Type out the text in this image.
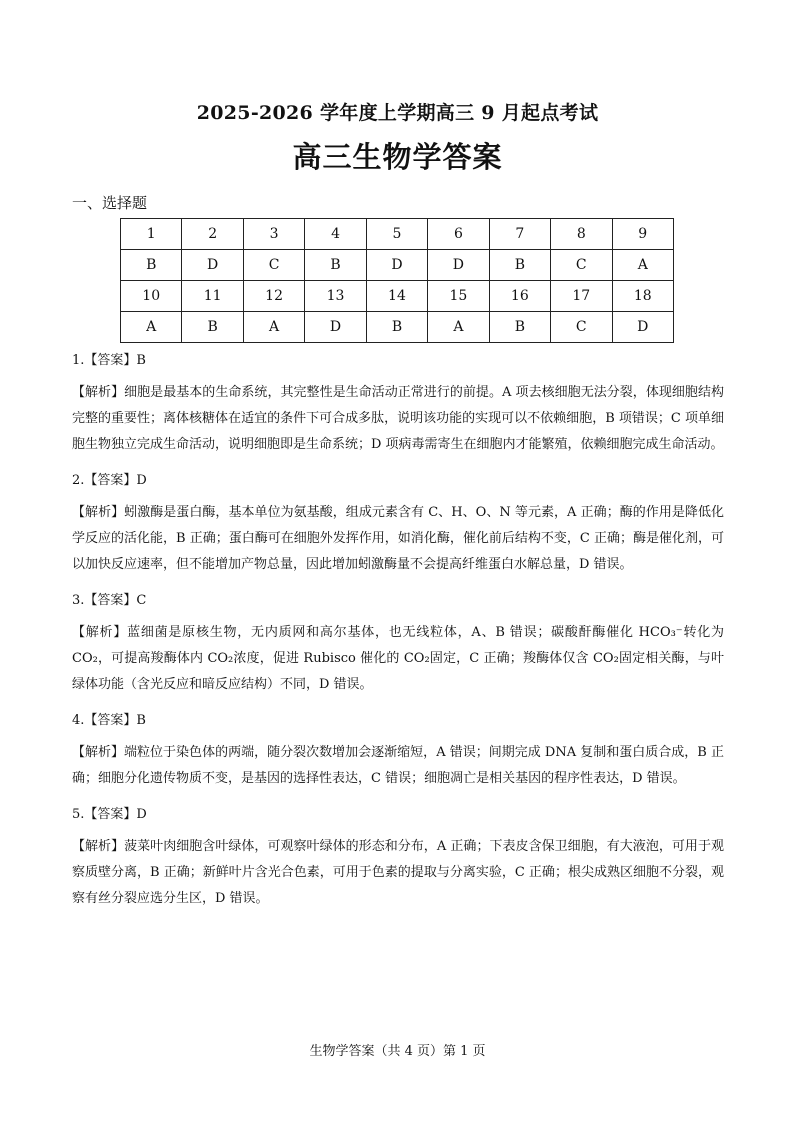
2025-2026 学年度上学期高三 9 月起点考试
高三生物学答案
一、选择题
1	2	3	4	5	6	7	8	9
B	D	C	B	D	D	B	C	A
10	11	12	13	14	15	16	17	18
A	B	A	D	B	A	B	C	D

1.【答案】B

【解析】细胞是最基本的生命系统，其完整性是生命活动正常进行的前提。A 项去核细胞无法分裂，体现细胞结构完整的重要性；离体核糖体在适宜的条件下可合成多肽，说明该功能的实现可以不依赖细胞，B 项错误；C 项单细胞生物独立完成生命活动，说明细胞即是生命系统；D 项病毒需寄生在细胞内才能繁殖，依赖细胞完成生命活动。

2.【答案】D

【解析】蚓激酶是蛋白酶，基本单位为氨基酸，组成元素含有 C、H、O、N 等元素，A 正确；酶的作用是降低化学反应的活化能，B 正确；蛋白酶可在细胞外发挥作用，如消化酶，催化前后结构不变，C 正确；酶是催化剂，可以加快反应速率，但不能增加产物总量，因此增加蚓激酶量不会提高纤维蛋白水解总量，D 错误。

3.【答案】C

【解析】蓝细菌是原核生物，无内质网和高尔基体，也无线粒体，A、B 错误；碳酸酐酶催化 HCO₃⁻转化为 CO₂，可提高羧酶体内 CO₂浓度，促进 Rubisco 催化的 CO₂固定，C 正确；羧酶体仅含 CO₂固定相关酶，与叶绿体功能（含光反应和暗反应结构）不同，D 错误。

4.【答案】B

【解析】端粒位于染色体的两端，随分裂次数增加会逐渐缩短，A 错误；间期完成 DNA 复制和蛋白质合成，B 正确；细胞分化遗传物质不变，是基因的选择性表达，C 错误；细胞凋亡是相关基因的程序性表达，D 错误。

5.【答案】D

【解析】菠菜叶肉细胞含叶绿体，可观察叶绿体的形态和分布，A 正确；下表皮含保卫细胞，有大液泡，可用于观察质壁分离，B 正确；新鲜叶片含光合色素，可用于色素的提取与分离实验，C 正确；根尖成熟区细胞不分裂，观察有丝分裂应选分生区，D 错误。

生物学答案（共 4 页）第 1 页
